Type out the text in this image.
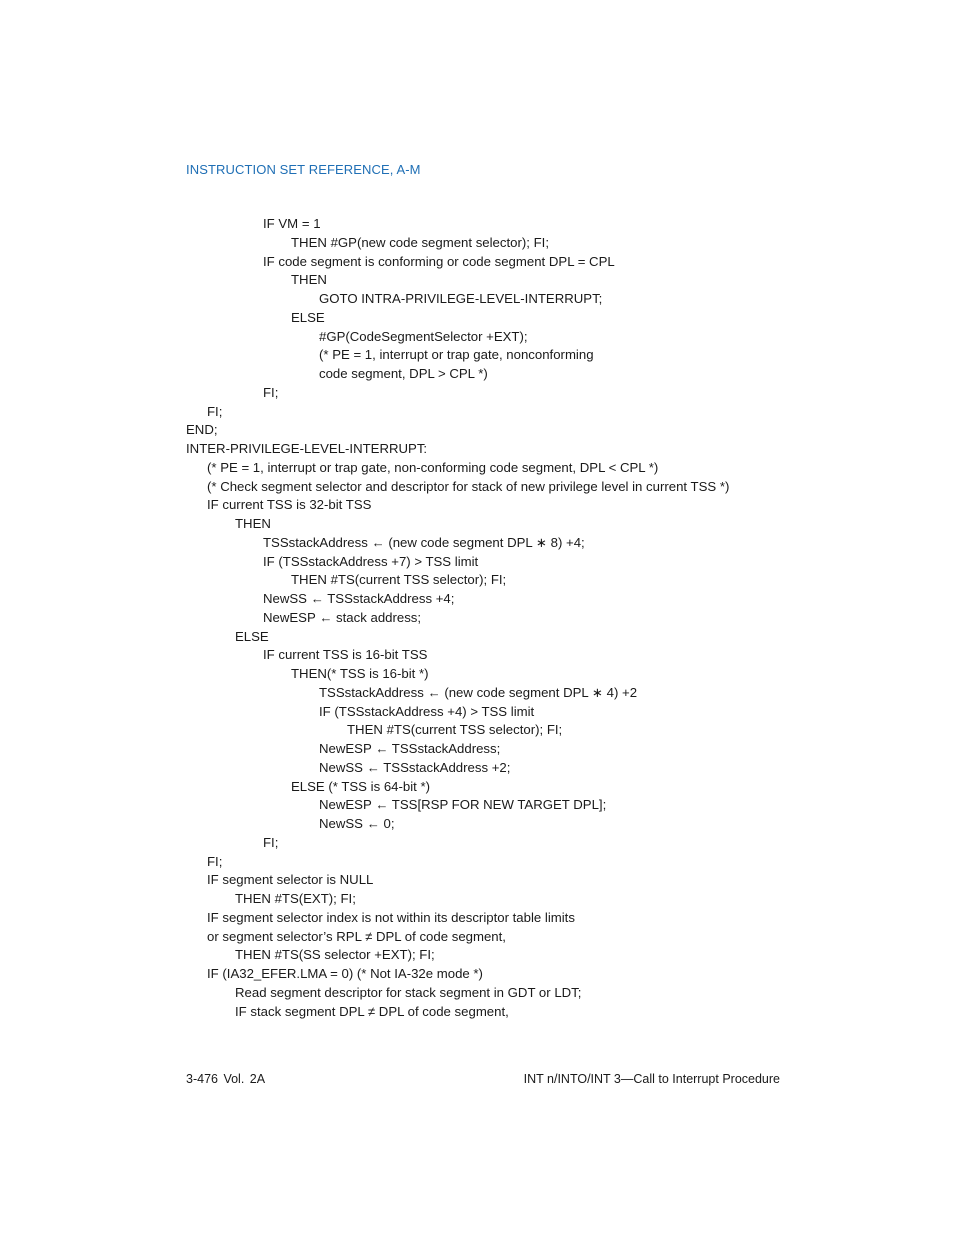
INSTRUCTION SET REFERENCE, A-M
IF VM = 1
THEN #GP(new code segment selector); FI;
IF code segment is conforming or code segment DPL = CPL
THEN
GOTO INTRA-PRIVILEGE-LEVEL-INTERRUPT;
ELSE
#GP(CodeSegmentSelector +EXT);
(* PE = 1, interrupt or trap gate, nonconforming
code segment, DPL > CPL *)
FI;
FI;
END;
INTER-PRIVILEGE-LEVEL-INTERRUPT:
(* PE = 1, interrupt or trap gate, non-conforming code segment, DPL < CPL *)
(* Check segment selector and descriptor for stack of new privilege level in current TSS *)
IF current TSS is 32-bit TSS
THEN
TSSstackAddress ← (new code segment DPL ∗ 8) +4;
IF (TSSstackAddress +7) > TSS limit
THEN #TS(current TSS selector); FI;
NewSS ← TSSstackAddress +4;
NewESP ← stack address;
ELSE
IF current TSS is 16-bit TSS
THEN(* TSS is 16-bit *)
TSSstackAddress ← (new code segment DPL ∗ 4) +2
IF (TSSstackAddress +4) > TSS limit
THEN #TS(current TSS selector); FI;
NewESP ← TSSstackAddress;
NewSS ← TSSstackAddress +2;
ELSE (* TSS is 64-bit *)
NewESP ← TSS[RSP FOR NEW TARGET DPL];
NewSS ← 0;
FI;
FI;
IF segment selector is NULL
THEN #TS(EXT); FI;
IF segment selector index is not within its descriptor table limits
or segment selector’s RPL ≠ DPL of code segment,
THEN #TS(SS selector +EXT); FI;
IF (IA32_EFER.LMA = 0) (* Not IA-32e mode *)
Read segment descriptor for stack segment in GDT or LDT;
IF stack segment DPL ≠ DPL of code segment,
3-476 Vol. 2A	INT n/INTO/INT 3—Call to Interrupt Procedure
